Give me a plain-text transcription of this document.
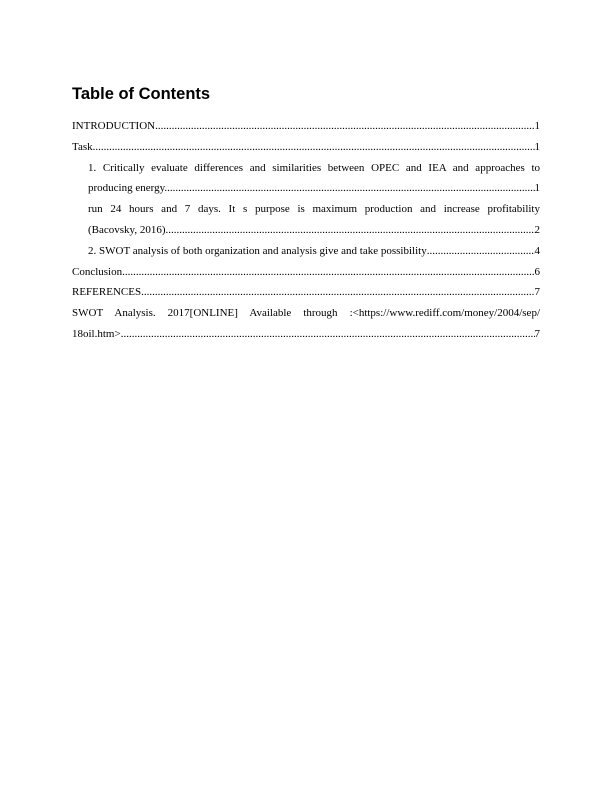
Table of Contents
INTRODUCTION .....	1
Task .....	1
1. Critically evaluate differences and similarities between OPEC and IEA and approaches to
producing energy. .....	1
run 24 hours and 7 days. It s purpose is maximum production and increase profitability
(Bacovsky, 2016) .....	2
2. SWOT analysis of both organization and analysis give and take possibility .....	4
Conclusion .....	6
REFERENCES .....	7
SWOT Analysis. 2017[ONLINE] Available through :<https://www.rediff.com/money/2004/sep/
18oil.htm> .....	7
